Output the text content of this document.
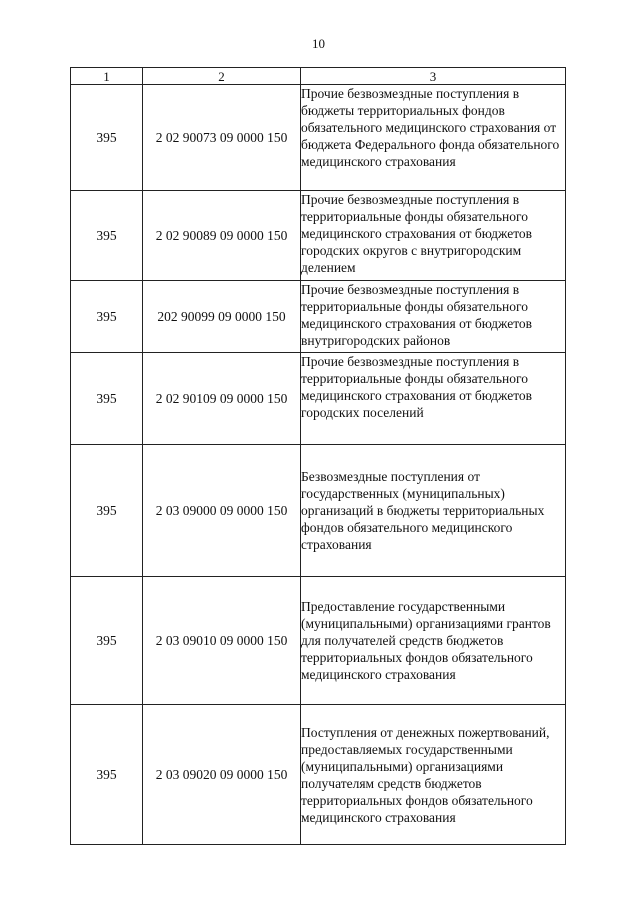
10
1	2	3
395	2 02 90073 09 0000 150	Прочие безвозмездные поступления в бюджеты территориальных фондов обязательного медицинского страхования от бюджета Федерального фонда обязательного медицинского страхования
395	2 02 90089 09 0000 150	Прочие безвозмездные поступления в территориальные фонды обязательного медицинского страхования от бюджетов городских округов с внутригородским делением
395	202 90099 09 0000 150	Прочие безвозмездные поступления в территориальные фонды обязательного медицинского страхования от бюджетов внутригородских районов
395	2 02 90109 09 0000 150	Прочие безвозмездные поступления в территориальные фонды обязательного медицинского страхования от бюджетов городских поселений
395	2 03 09000 09 0000 150	Безвозмездные поступления от государственных (муниципальных) организаций в бюджеты территориальных фондов обязательного медицинского страхования
395	2 03 09010 09 0000 150	Предоставление государственными (муниципальными) организациями грантов для получателей средств бюджетов территориальных фондов обязательного медицинского страхования
395	2 03 09020 09 0000 150	Поступления от денежных пожертвований, предоставляемых государственными (муниципальными) организациями получателям средств бюджетов территориальных фондов обязательного медицинского страхования
